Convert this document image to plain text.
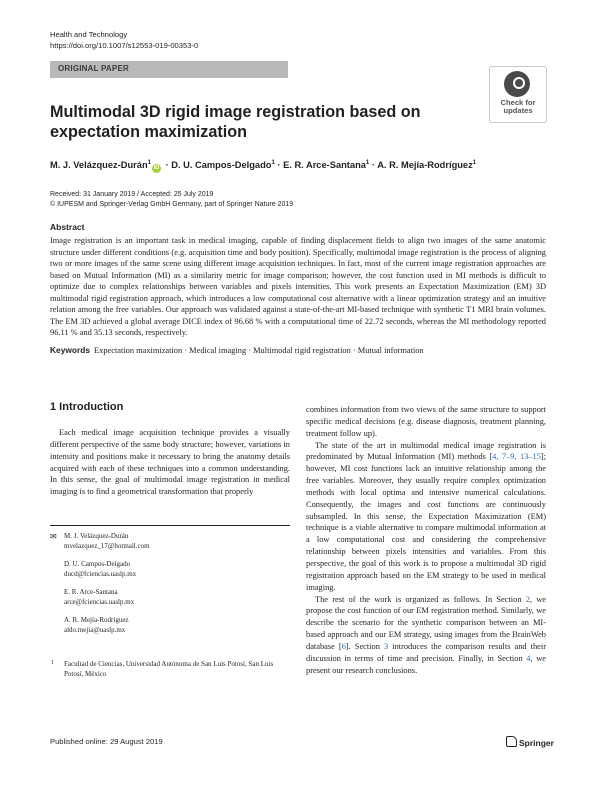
Health and Technology
https://doi.org/10.1007/s12553-019-00353-0
ORIGINAL PAPER
Check for
updates
Multimodal 3D rigid image registration based on expectation maximization
M. J. Velázquez-Durán$^1$iD · D. U. Campos-Delgado$^1$ · E. R. Arce-Santana$^1$ · A. R. Mejía-Rodríguez$^1$
Received: 31 January 2019 / Accepted: 25 July 2019
© IUPESM and Springer-Verlag GmbH Germany, part of Springer Nature 2019
Abstract
Image registration is an important task in medical imaging, capable of finding displacement fields to align two images of the same anatomic structure under different conditions (e.g. acquisition time and body position). Specifically, multimodal image registration is the process of aligning two or more images of the same scene using different image acquisition techniques. In fact, most of the current image registration approaches are based on Mutual Information (MI) as a similarity metric for image comparison; however, the cost function used in MI methods is difficult to optimize due to complex relationships between variables and pixels intensities. This work presents an Expectation Maximization (EM) 3D multimodal rigid registration approach, which introduces a low computational cost alternative with a linear optimization strategy and an intuitive relation among the free variables. Our approach was validated against a state-of-the-art MI-based technique with synthetic T1 MRI brain volumes. The EM 3D achieved a global average DICE index of 96.68 % with a computational time of 22.72 seconds, whereas the MI methodology reported 96.11 % and 35.13 seconds, respectively.
Keywords Expectation maximization · Medical imaging · Multimodal rigid registration · Mutual information
1 Introduction

Each medical image acquisition technique provides a visually different perspective of the same body structure; however, variations in intensity and positions make it necessary to bring the anatomy details acquired with each of these techniques into a common understanding. In this sense, the goal of multimodal image registration in medical imaging is to find a geometrical transformation that properly

combines information from two views of the same structure to support specific medical decisions (e.g. disease diagnosis, treatment planning, treatment follow up).

The state of the art in multimodal medical image registration is predominated by Mutual Information (MI) methods [4, 7–9, 13–15]; however, MI cost functions lack an intuitive relationship among the free variables. Moreover, they usually require complex optimization methods with local optima and intensive numerical calculations. Consequently, the images and cost functions are continuously subsampled. In this sense, the Expectation Maximization (EM) technique is a viable alternative to compare multimodal information at a low computational cost and considering the comprehensive relationship between pixels intensities and variables. From this perspective, the goal of this work is to propose a multimodal 3D rigid registration approach based on the EM strategy to be used in medical imaging.

The rest of the work is organized as follows. In Section 2, we propose the cost function of our EM registration method. Similarly, we describe the scenario for the synthetic comparison between an MI-based approach and our EM strategy, using images from the BrainWeb database [6]. Section 3 introduces the comparison results and their discussion in terms of time and precision. Finally, in Section 4, we present our research conclusions.

✉ M. J. Velázquez-Durán
mvelazquez_17@hotmail.com
D. U. Campos-Delgado
ducd@fciencias.uaslp.mx
E. R. Arce-Santana
arce@fciencias.uaslp.mx
A. R. Mejía-Rodríguez
aldo.mejia@uaslp.mx
1 Facultad de Ciencias, Universidad Autónoma de San Luis Potosí, San Luis Potosí, México
Published online: 29 August 2019	Springer
